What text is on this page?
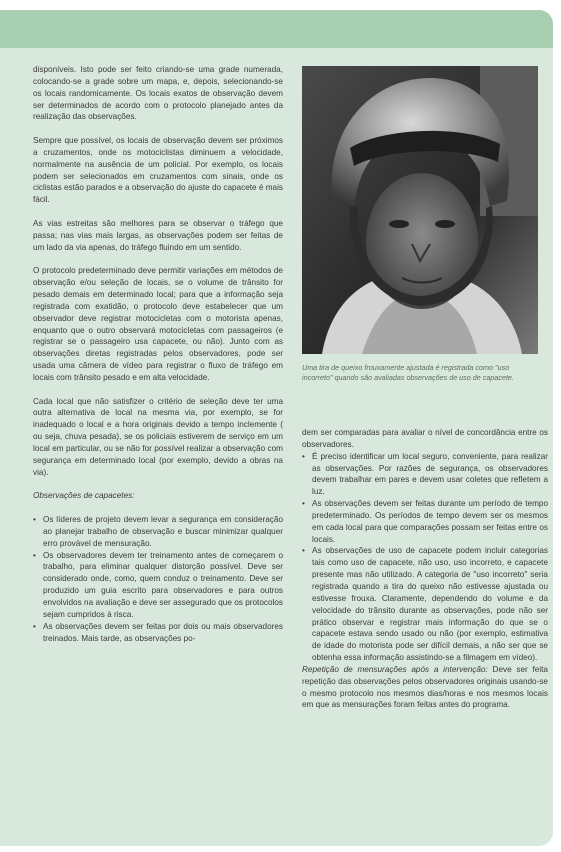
disponíveis. Isto pode ser feito criando-se uma grade numerada, colocando-se a grade sobre um mapa, e, depois, selecionando-se os locais randomicamente. Os locais exatos de observação devem ser determinados de acordo com o protocolo planejado antes da realização das observações.

Sempre que possível, os locais de observação devem ser próximos a cruzamentos, onde os motociclistas diminuem a velocidade, normalmente na ausência de um policial. Por exemplo, os locais podem ser selecionados em cruzamentos com sinais, onde os ciclistas estão parados e a observação do ajuste do capacete é mais fácil.

As vias estreitas são melhores para se observar o tráfego que passa; nas vias mais largas, as observações podem ser feitas de um lado da via apenas, do tráfego fluindo em um sentido.

O protocolo predeterminado deve permitir variações em métodos de observação e/ou seleção de locais, se o volume de trânsito for pesado demais em determinado local; para que a informação seja registrada com exatidão, o protocolo deve estabelecer que um observador deve registrar motocicletas com o motorista apenas, enquanto que o outro observará motocicletas com passageiros (e registrar se o passageiro usa capacete, ou não). Junto com as observações diretas registradas pelos observadores, pode ser usada uma câmera de vídeo para registrar o fluxo de tráfego em locais com trânsito pesado e em alta velocidade.

Cada local que não satisfizer o critério de seleção deve ter uma outra alternativa de local na mesma via, por exemplo, se for inadequado o local e a hora originais devido a tempo inclemente ( ou seja, chuva pesada), se os policiais estiverem de serviço em um local em particular, ou se não for possível realizar a observação com segurança em determinado local (por exemplo, devido a obras na via).

Observações de capacetes:

• Os líderes de projeto devem levar a segurança em consideração ao planejar trabalho de observação e buscar minimizar qualquer erro provável de mensuração.
• Os observadores devem ter treinamento antes de começarem o trabalho, para eliminar qualquer distorção possível. Deve ser considerado onde, como, quem conduz o treinamento. Deve ser produzido um guia escrito para observadores e para outros envolvidos na avaliação e deve ser assegurado que os protocolos sejam cumpridos à risca.
• As observações devem ser feitas por dois ou mais observadores treinados. Mais tarde, as observações po-
Uma tira de queixo frouxamente ajustada é registrada como "uso incorreto" quando são avaliadas observações de uso de capacete.

dem ser comparadas para avaliar o nível de concordância entre os observadores.

• É preciso identificar um local seguro, conveniente, para realizar as observações. Por razões de segurança, os observadores devem trabalhar em pares e devem usar coletes que refletem a luz.
• As observações devem ser feitas durante um período de tempo predeterminado. Os períodos de tempo devem ser os mesmos em cada local para que comparações possam ser feitas entre os locais.
• As observações de uso de capacete podem incluir categorias tais como uso de capacete, não uso, uso incorreto, e capacete presente mas não utilizado. A categoria de "uso incorreto" seria registrada quando a tira do queixo não estivesse ajustada ou estivesse frouxa. Claramente, dependendo do volume e da velocidade do trânsito durante as observações, pode não ser prático observar e registrar mais informação do que se o capacete estava sendo usado ou não (por exemplo, estimativa de idade do motorista pode ser difícil demais, a não ser que se obtenha essa informação assistindo-se a filmagem em vídeo).

Repetição de mensurações após a intervenção: Deve ser feita repetição das observações pelos observadores originais usando-se o mesmo protocolo nos mesmos dias/horas e nos mesmos locais em que as mensurações foram feitas antes do programa.
